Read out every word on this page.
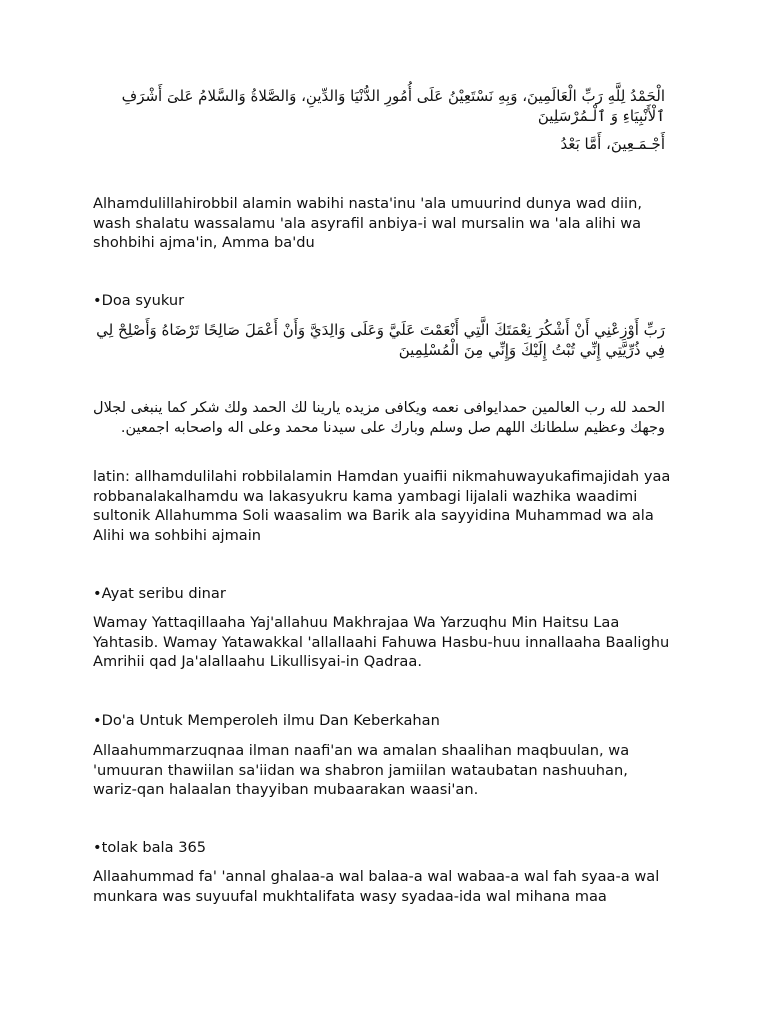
الْحَمْدُ لِلَّهِ رَبِّ الْعَالَمِينَ، وَبِهِ نَسْتَعِيْنُ عَلَى أُمُورِ الدُّنْيَا وَالدِّينِ، وَالصَّلاةُ وَالسَّلامُ عَلىَ أَشْرَفِ ٱلْأَنْبِيَاءِ وَ ٱلْـمُرْسَلِينَ

أَجْـمَـعِينَ، أَمَّا بَعْدُ

Alhamdulillahirobbil alamin wabihi nasta'inu 'ala umuurind dunya wad diin, wash shalatu wassalamu 'ala asyrafil anbiya-i wal mursalin wa 'ala alihi wa shohbihi ajma'in, Amma ba'du

•Doa syukur

رَبِّ أَوْزِعْنِي أَنْ أَشْكُرَ نِعْمَتَكَ الَّتِي أَنْعَمْتَ عَلَيَّ وَعَلَى وَالِدَيَّ وَأَنْ أَعْمَلَ صَالِحًا تَرْضَاهُ وَأَصْلِحْ لِي فِي ذُرِّيَّتِي إِنِّي تُبْتُ إِلَيْكَ وَإِنِّي مِنَ الْمُسْلِمِينَ

الحمد لله رب العالمين حمدايوافى نعمه ويكافى مزيده يارينا لك الحمد ولك شكر كما ينبغى لجلال وجهك وعظيم سلطانك اللهم صل وسلم وبارك على سيدنا محمد وعلى اله واصحابه اجمعين.

latin: allhamdulilahi robbilalamin Hamdan yuaifii nikmahuwayukafimajidah yaa robbanalakalhamdu wa lakasyukru kama yambagi lijalali wazhika waadimi sultonik Allahumma Soli waasalim wa Barik ala sayyidina Muhammad wa ala Alihi wa sohbihi ajmain

•Ayat seribu dinar

Wamay Yattaqillaaha Yaj'allahuu Makhrajaa Wa Yarzuqhu Min Haitsu Laa Yahtasib. Wamay Yatawakkal 'allallaahi Fahuwa Hasbu-huu innallaaha Baalighu Amrihii qad Ja'alallaahu Likullisyai-in Qadraa.

•Do'a Untuk Memperoleh ilmu Dan Keberkahan

Allaahummarzuqnaa ilman naafi'an wa amalan shaalihan maqbuulan, wa 'umuuran thawiilan sa'iidan wa shabron jamiilan wataubatan nashuuhan, wariz-qan halaalan thayyiban mubaarakan waasi'an.

•tolak bala 365

Allaahummad fa' 'annal ghalaa-a wal balaa-a wal wabaa-a wal fah syaa-a wal munkara was suyuufal mukhtalifata wasy syadaa-ida wal mihana maa
